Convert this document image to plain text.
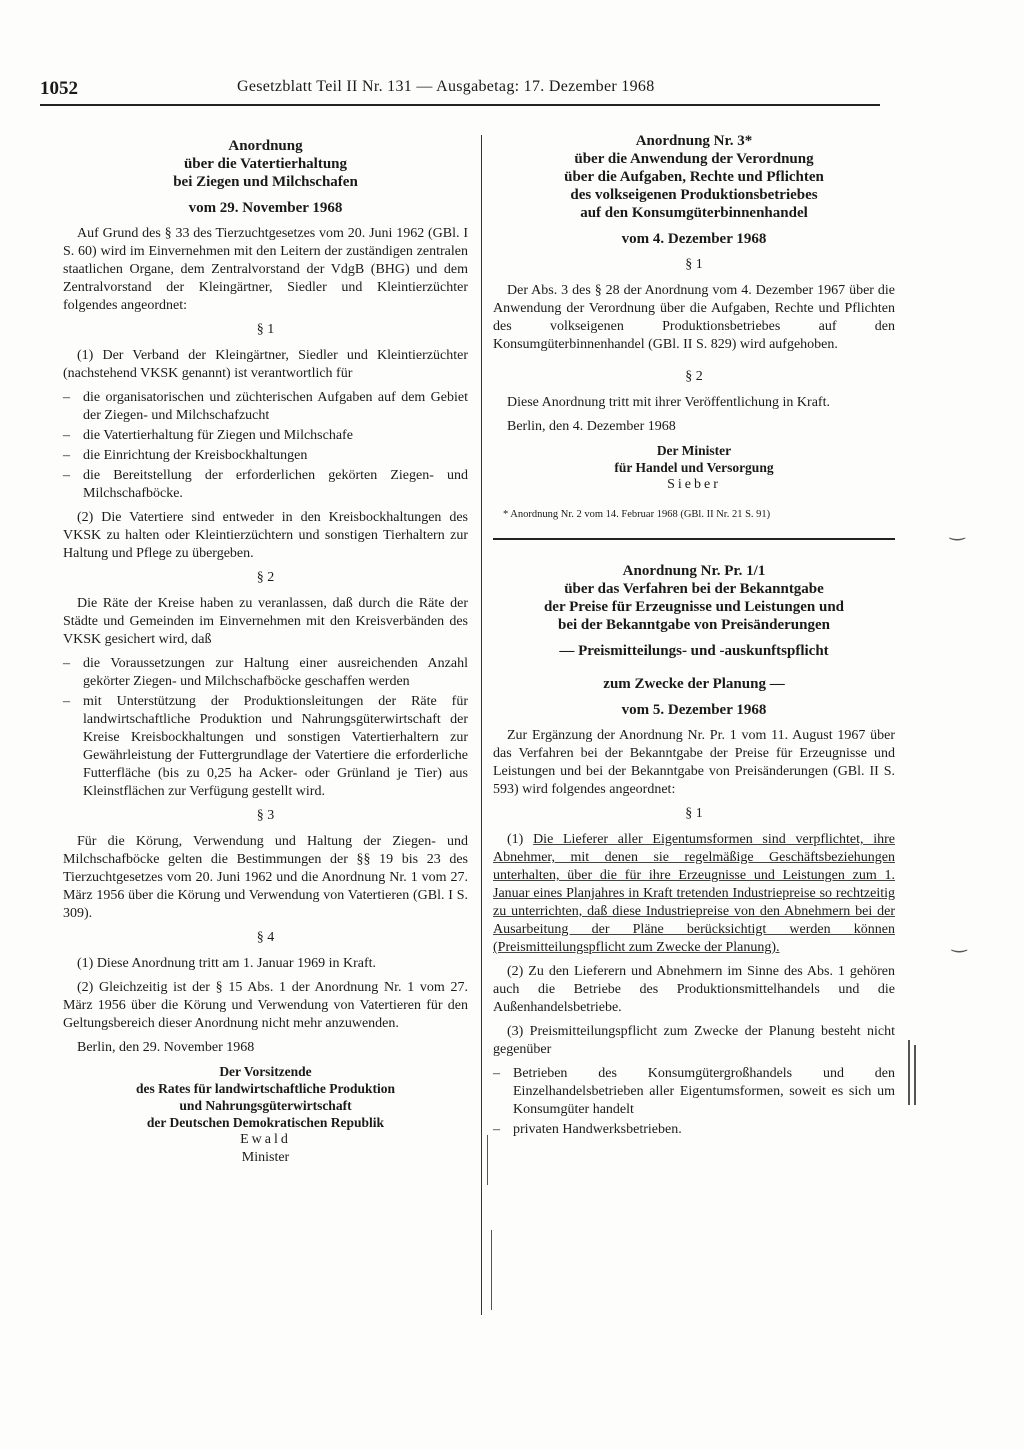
1052	Gesetzblatt Teil II Nr. 131 — Ausgabetag: 17. Dezember 1968

Anordnung

über die Vatertierhaltung

bei Ziegen und Milchschafen

vom 29. November 1968

Auf Grund des § 33 des Tierzuchtgesetzes vom 20. Juni 1962 (GBl. I S. 60) wird im Einvernehmen mit den Leitern der zuständigen zentralen staatlichen Organe, dem Zentralvorstand der VdgB (BHG) und dem Zentralvorstand der Kleingärtner, Siedler und Kleintierzüchter folgendes angeordnet:

§ 1

(1) Der Verband der Kleingärtner, Siedler und Kleintierzüchter (nachstehend VKSK genannt) ist verantwortlich für

– die organisatorischen und züchterischen Aufgaben auf dem Gebiet der Ziegen- und Milchschafzucht
– die Vatertierhaltung für Ziegen und Milchschafe
– die Einrichtung der Kreisbockhaltungen
– die Bereitstellung der erforderlichen gekörten Ziegen- und Milchschafböcke.

(2) Die Vatertiere sind entweder in den Kreisbockhaltungen des VKSK zu halten oder Kleintierzüchtern und sonstigen Tierhaltern zur Haltung und Pflege zu übergeben.

§ 2

Die Räte der Kreise haben zu veranlassen, daß durch die Räte der Städte und Gemeinden im Einvernehmen mit den Kreisverbänden des VKSK gesichert wird, daß

– die Voraussetzungen zur Haltung einer ausreichenden Anzahl gekörter Ziegen- und Milchschafböcke geschaffen werden
– mit Unterstützung der Produktionsleitungen der Räte für landwirtschaftliche Produktion und Nahrungsgüterwirtschaft der Kreise Kreisbockhaltungen und sonstigen Vatertierhaltern zur Gewährleistung der Futtergrundlage der Vatertiere die erforderliche Futterfläche (bis zu 0,25 ha Acker- oder Grünland je Tier) aus Kleinstflächen zur Verfügung gestellt wird.

§ 3

Für die Körung, Verwendung und Haltung der Ziegen- und Milchschafböcke gelten die Bestimmungen der §§ 19 bis 23 des Tierzuchtgesetzes vom 20. Juni 1962 und die Anordnung Nr. 1 vom 27. März 1956 über die Körung und Verwendung von Vatertieren (GBl. I S. 309).

§ 4

(1) Diese Anordnung tritt am 1. Januar 1969 in Kraft.

(2) Gleichzeitig ist der § 15 Abs. 1 der Anordnung Nr. 1 vom 27. März 1956 über die Körung und Verwendung von Vatertieren für den Geltungsbereich dieser Anordnung nicht mehr anzuwenden.

Berlin, den 29. November 1968

Der Vorsitzende
des Rates für landwirtschaftliche Produktion
und Nahrungsgüterwirtschaft
der Deutschen Demokratischen Republik
Ewald
Minister

Anordnung Nr. 3*

über die Anwendung der Verordnung

über die Aufgaben, Rechte und Pflichten

des volkseigenen Produktionsbetriebes

auf den Konsumgüterbinnenhandel

vom 4. Dezember 1968

§ 1

Der Abs. 3 des § 28 der Anordnung vom 4. Dezember 1967 über die Anwendung der Verordnung über die Aufgaben, Rechte und Pflichten des volkseigenen Produktionsbetriebes auf den Konsumgüterbinnenhandel (GBl. II S. 829) wird aufgehoben.

§ 2

Diese Anordnung tritt mit ihrer Veröffentlichung in Kraft.

Berlin, den 4. Dezember 1968

Der Minister
für Handel und Versorgung
Sieber

* Anordnung Nr. 2 vom 14. Februar 1968 (GBl. II Nr. 21 S. 91)

Anordnung Nr. Pr. 1/1

über das Verfahren bei der Bekanntgabe

der Preise für Erzeugnisse und Leistungen und

bei der Bekanntgabe von Preisänderungen

— Preismitteilungs- und -auskunftspflicht

zum Zwecke der Planung —

vom 5. Dezember 1968

Zur Ergänzung der Anordnung Nr. Pr. 1 vom 11. August 1967 über das Verfahren bei der Bekanntgabe der Preise für Erzeugnisse und Leistungen und bei der Bekanntgabe von Preisänderungen (GBl. II S. 593) wird folgendes angeordnet:

§ 1

(1) Die Lieferer aller Eigentumsformen sind verpflichtet, ihre Abnehmer, mit denen sie regelmäßige Geschäftsbeziehungen unterhalten, über die für ihre Erzeugnisse und Leistungen zum 1. Januar eines Planjahres in Kraft tretenden Industriepreise so rechtzeitig zu unterrichten, daß diese Industriepreise von den Abnehmern bei der Ausarbeitung der Pläne berücksichtigt werden können (Preismitteilungspflicht zum Zwecke der Planung).

(2) Zu den Lieferern und Abnehmern im Sinne des Abs. 1 gehören auch die Betriebe des Produktionsmittelhandels und die Außenhandelsbetriebe.

(3) Preismitteilungspflicht zum Zwecke der Planung besteht nicht gegenüber

– Betrieben des Konsumgütergroßhandels und den Einzelhandelsbetrieben aller Eigentumsformen, soweit es sich um Konsumgüter handelt
– privaten Handwerksbetrieben.
‿
‿
